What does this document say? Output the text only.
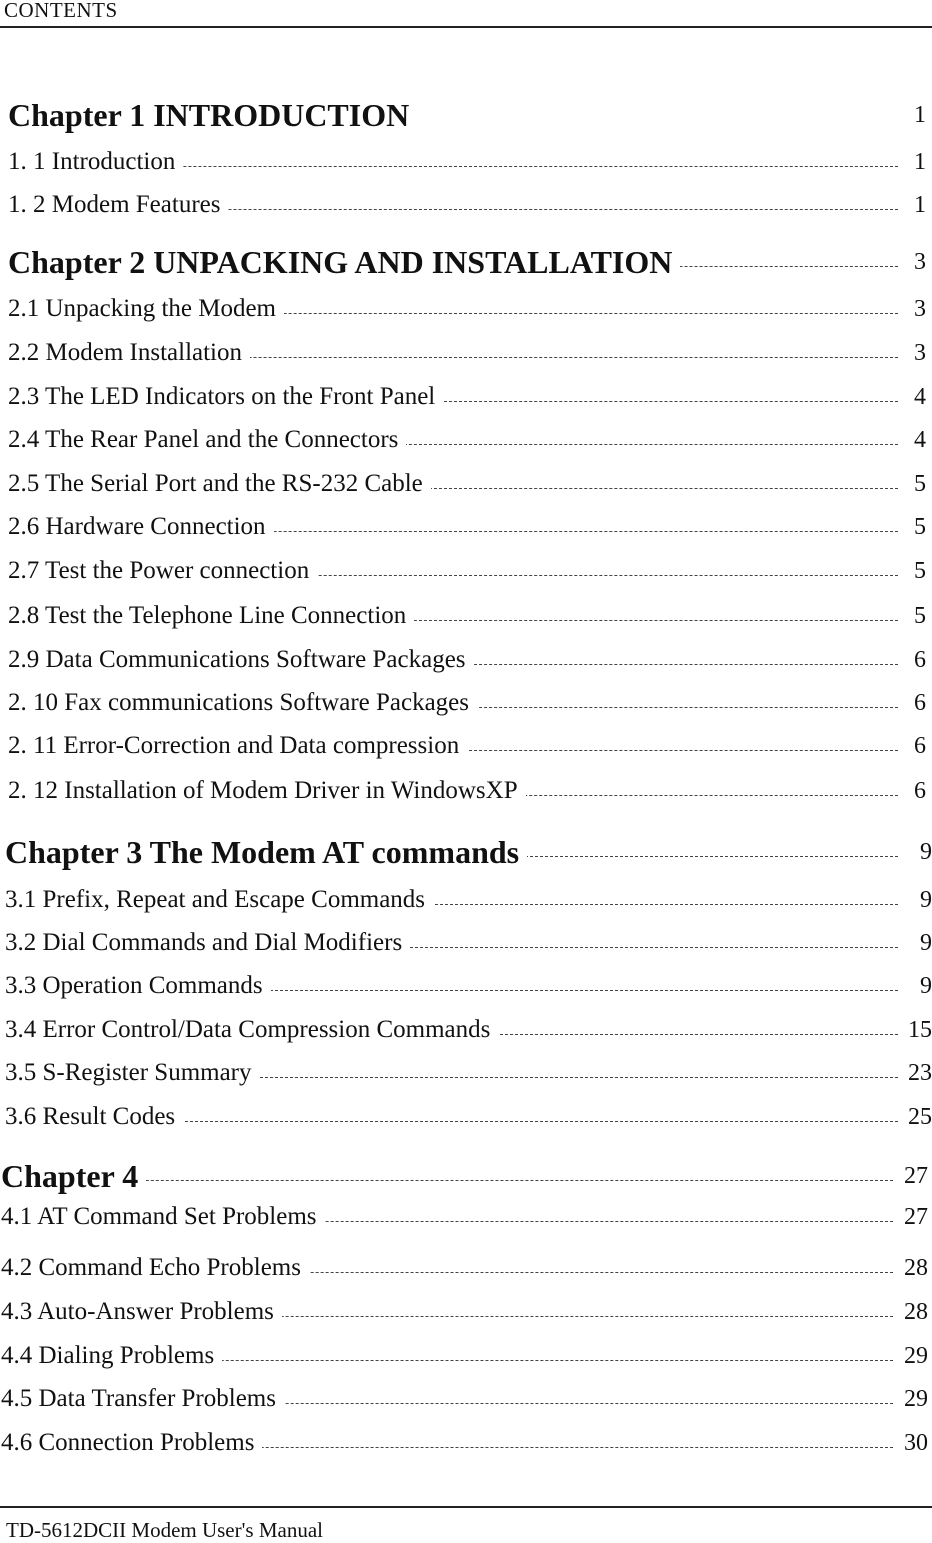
CONTENTS
Chapter 1 INTRODUCTION	1
1. 1 Introduction	1
1. 2 Modem Features	1
Chapter 2 UNPACKING AND INSTALLATION	3
2.1 Unpacking the Modem	3
2.2 Modem Installation	3
2.3 The LED Indicators on the Front Panel	4
2.4 The Rear Panel and the Connectors	4
2.5 The Serial Port and the RS-232 Cable	5
2.6 Hardware Connection	5
2.7 Test the Power connection	5
2.8 Test the Telephone Line Connection	5
2.9 Data Communications Software Packages	6
2. 10 Fax communications Software Packages	6
2. 11 Error-Correction and Data compression	6
2. 12 Installation of Modem Driver in WindowsXP	6
Chapter 3 The Modem AT commands	9
3.1 Prefix, Repeat and Escape Commands	9
3.2 Dial Commands and Dial Modifiers	9
3.3 Operation Commands	9
3.4 Error Control/Data Compression Commands	15
3.5 S-Register Summary	23
3.6 Result Codes	25
Chapter 4	27
4.1 AT Command Set Problems	27
4.2 Command Echo Problems	28
4.3 Auto-Answer Problems	28
4.4 Dialing Problems	29
4.5 Data Transfer Problems	29
4.6 Connection Problems	30
TD-5612DCII Modem User's Manual
